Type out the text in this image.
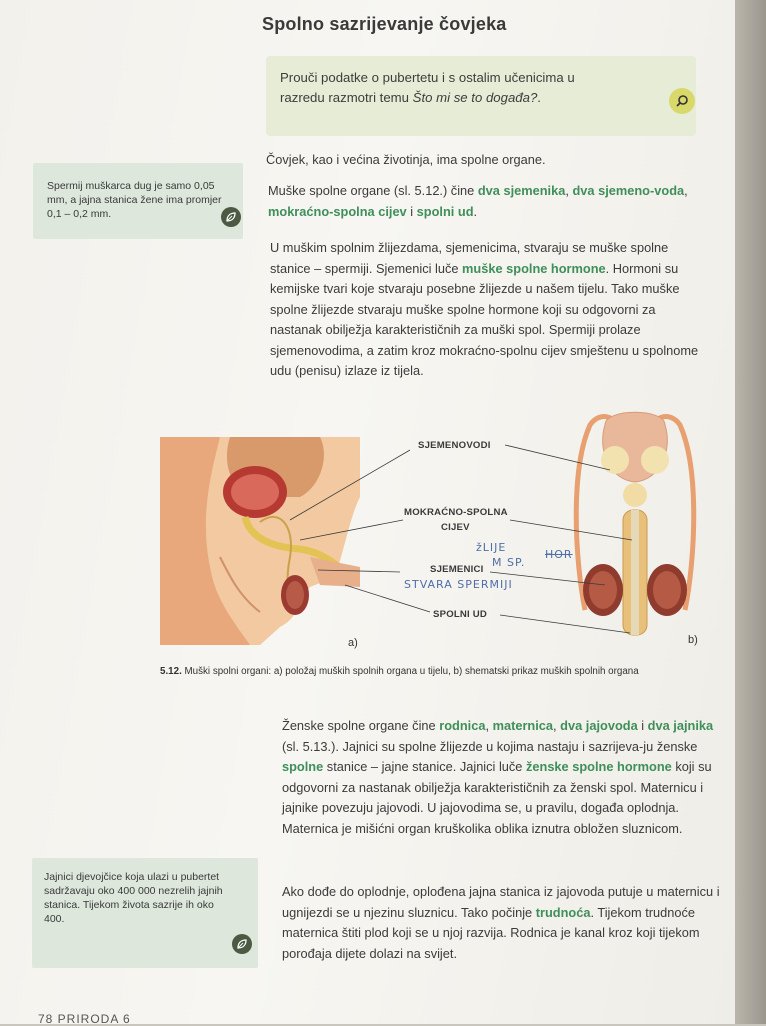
Spolno sazrijevanje čovjeka
Prouči podatke o pubertetu i s ostalim učenicima u
razredu razmotri temu Što mi se to događa?.
Spermij muškarca dug je samo 0,05 mm, a jajna stanica žene ima promjer 0,1 – 0,2 mm.
Čovjek, kao i većina životinja, ima spolne organe.
Muške spolne organe (sl. 5.12.) čine dva sjemenika, dva sjemeno-voda, mokraćno-spolna cijev i spolni ud.
U muškim spolnim žlijezdama, sjemenicima, stvaraju se muške spolne stanice – spermiji. Sjemenici luče muške spolne hormone. Hormoni su kemijske tvari koje stvaraju posebne žlijezde u našem tijelu. Tako muške spolne žlijezde stvaraju muške spolne hormone koji su odgovorni za nastanak obilježja karakterističnih za muški spol. Spermiji prolaze sjemenovodima, a zatim kroz mokraćno-spolnu cijev smještenu u spolnome udu (penisu) izlaze iz tijela.
SJEMENOVODI
MOKRAĆNO-SPOLNA
CIJEV
SJEMENICI
SPOLNI UD
žLIJE
M SP.
HOR
STVARA SPERMIJI
a)	b)
5.12. Muški spolni organi: a) položaj muških spolnih organa u tijelu, b) shematski prikaz muških spolnih organa
Ženske spolne organe čine rodnica, maternica, dva jajovoda i dva jajnika (sl. 5.13.). Jajnici su spolne žlijezde u kojima nastaju i sazrijeva-ju ženske spolne stanice – jajne stanice. Jajnici luče ženske spolne hormone koji su odgovorni za nastanak obilježja karakterističnih za ženski spol. Maternicu i jajnike povezuju jajovodi. U jajovodima se, u pravilu, događa oplodnja. Maternica je mišićni organ kruškolika oblika iznutra obložen sluznicom.
Jajnici djevojčice koja ulazi u pubertet sadržavaju oko 400 000 nezrelih jajnih stanica. Tijekom života sazrije ih oko 400.
Ako dođe do oplodnje, oplođena jajna stanica iz jajovoda putuje u maternicu i ugnijezdi se u njezinu sluznicu. Tako počinje trudnoća. Tijekom trudnoće maternica štiti plod koji se u njoj razvija. Rodnica je kanal kroz koji tijekom porođaja dijete dolazi na svijet.
78 PRIRODA 6
